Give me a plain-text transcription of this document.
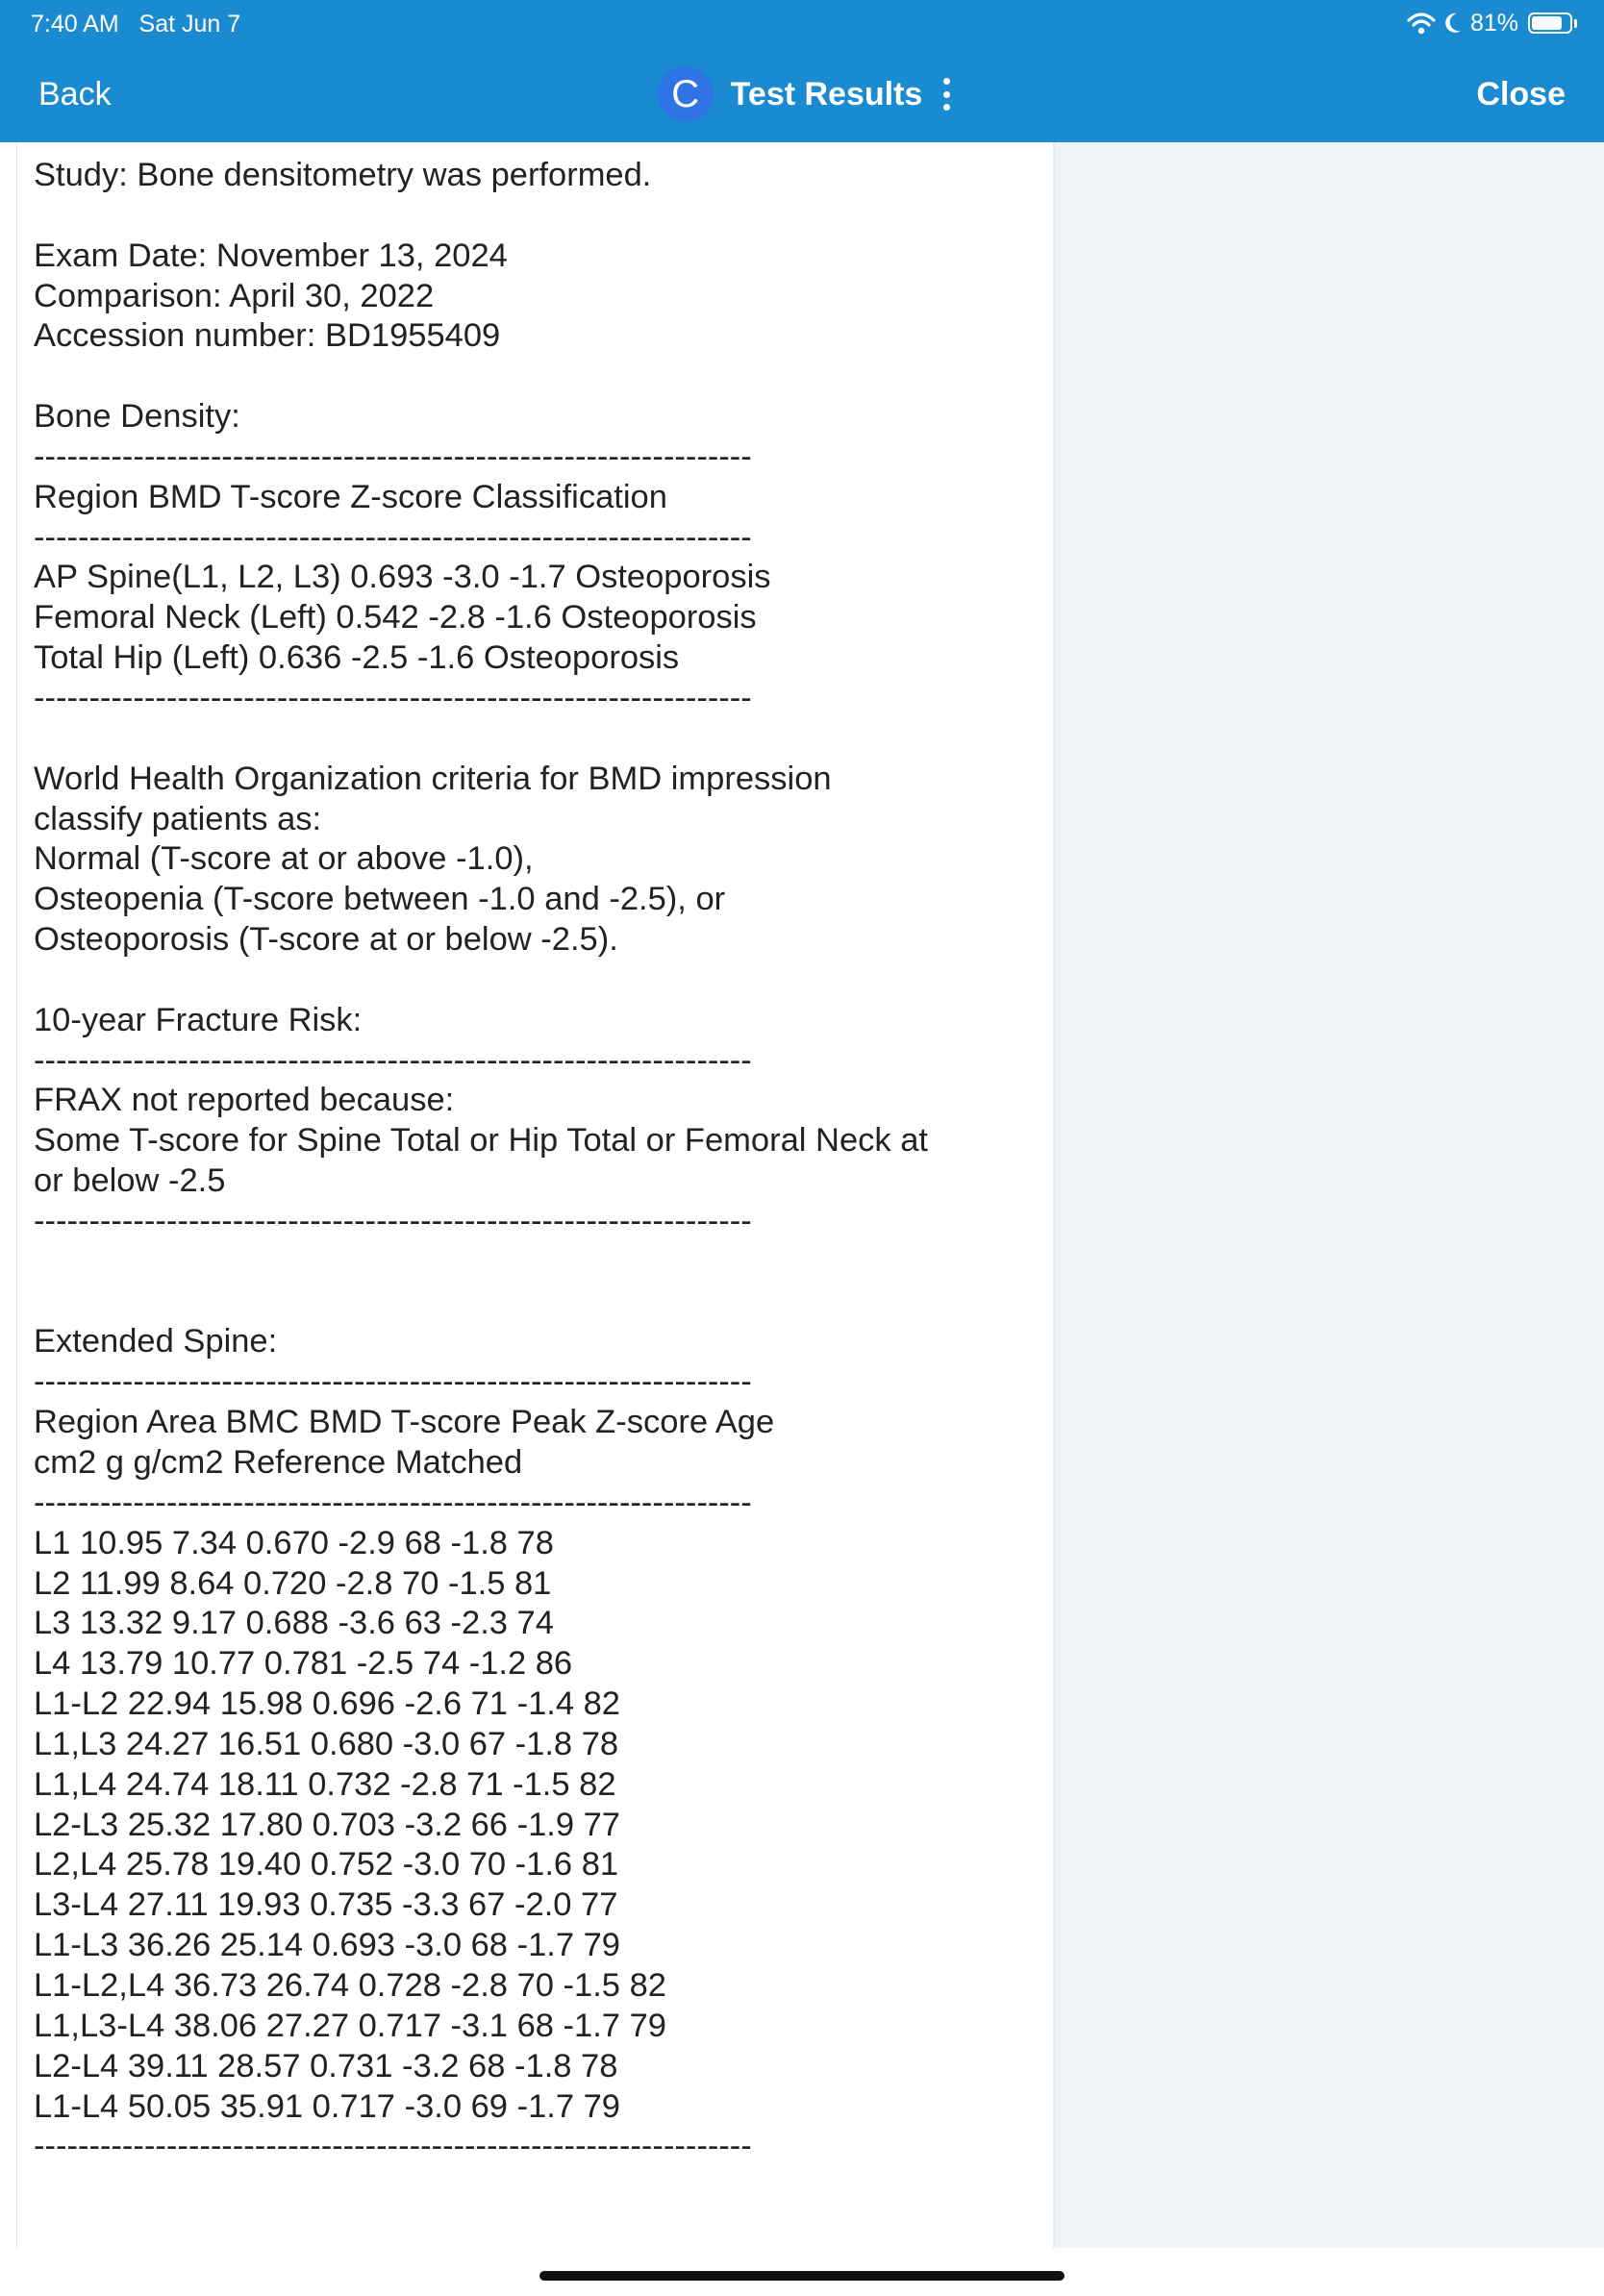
7:40 AM   Sat Jun 7	81%
Back	C Test Results	Close
Study: Bone densitometry was performed.
Exam Date: November 13, 2024
Comparison: April 30, 2022
Accession number: BD1955409
Bone Density:
-----------------------------------------------------------------
Region BMD T-score Z-score Classification
-----------------------------------------------------------------
AP Spine(L1, L2, L3) 0.693 -3.0 -1.7 Osteoporosis
Femoral Neck (Left) 0.542 -2.8 -1.6 Osteoporosis
Total Hip (Left) 0.636 -2.5 -1.6 Osteoporosis
-----------------------------------------------------------------
World Health Organization criteria for BMD impression
classify patients as:
Normal (T-score at or above -1.0),
Osteopenia (T-score between -1.0 and -2.5), or
Osteoporosis (T-score at or below -2.5).
10-year Fracture Risk:
-----------------------------------------------------------------
FRAX not reported because:
Some T-score for Spine Total or Hip Total or Femoral Neck at
or below -2.5
-----------------------------------------------------------------
Extended Spine:
-----------------------------------------------------------------
Region Area BMC BMD T-score Peak Z-score Age
cm2 g g/cm2 Reference Matched
-----------------------------------------------------------------
L1 10.95 7.34 0.670 -2.9 68 -1.8 78
L2 11.99 8.64 0.720 -2.8 70 -1.5 81
L3 13.32 9.17 0.688 -3.6 63 -2.3 74
L4 13.79 10.77 0.781 -2.5 74 -1.2 86
L1-L2 22.94 15.98 0.696 -2.6 71 -1.4 82
L1,L3 24.27 16.51 0.680 -3.0 67 -1.8 78
L1,L4 24.74 18.11 0.732 -2.8 71 -1.5 82
L2-L3 25.32 17.80 0.703 -3.2 66 -1.9 77
L2,L4 25.78 19.40 0.752 -3.0 70 -1.6 81
L3-L4 27.11 19.93 0.735 -3.3 67 -2.0 77
L1-L3 36.26 25.14 0.693 -3.0 68 -1.7 79
L1-L2,L4 36.73 26.74 0.728 -2.8 70 -1.5 82
L1,L3-L4 38.06 27.27 0.717 -3.1 68 -1.7 79
L2-L4 39.11 28.57 0.731 -3.2 68 -1.8 78
L1-L4 50.05 35.91 0.717 -3.0 69 -1.7 79
-----------------------------------------------------------------
